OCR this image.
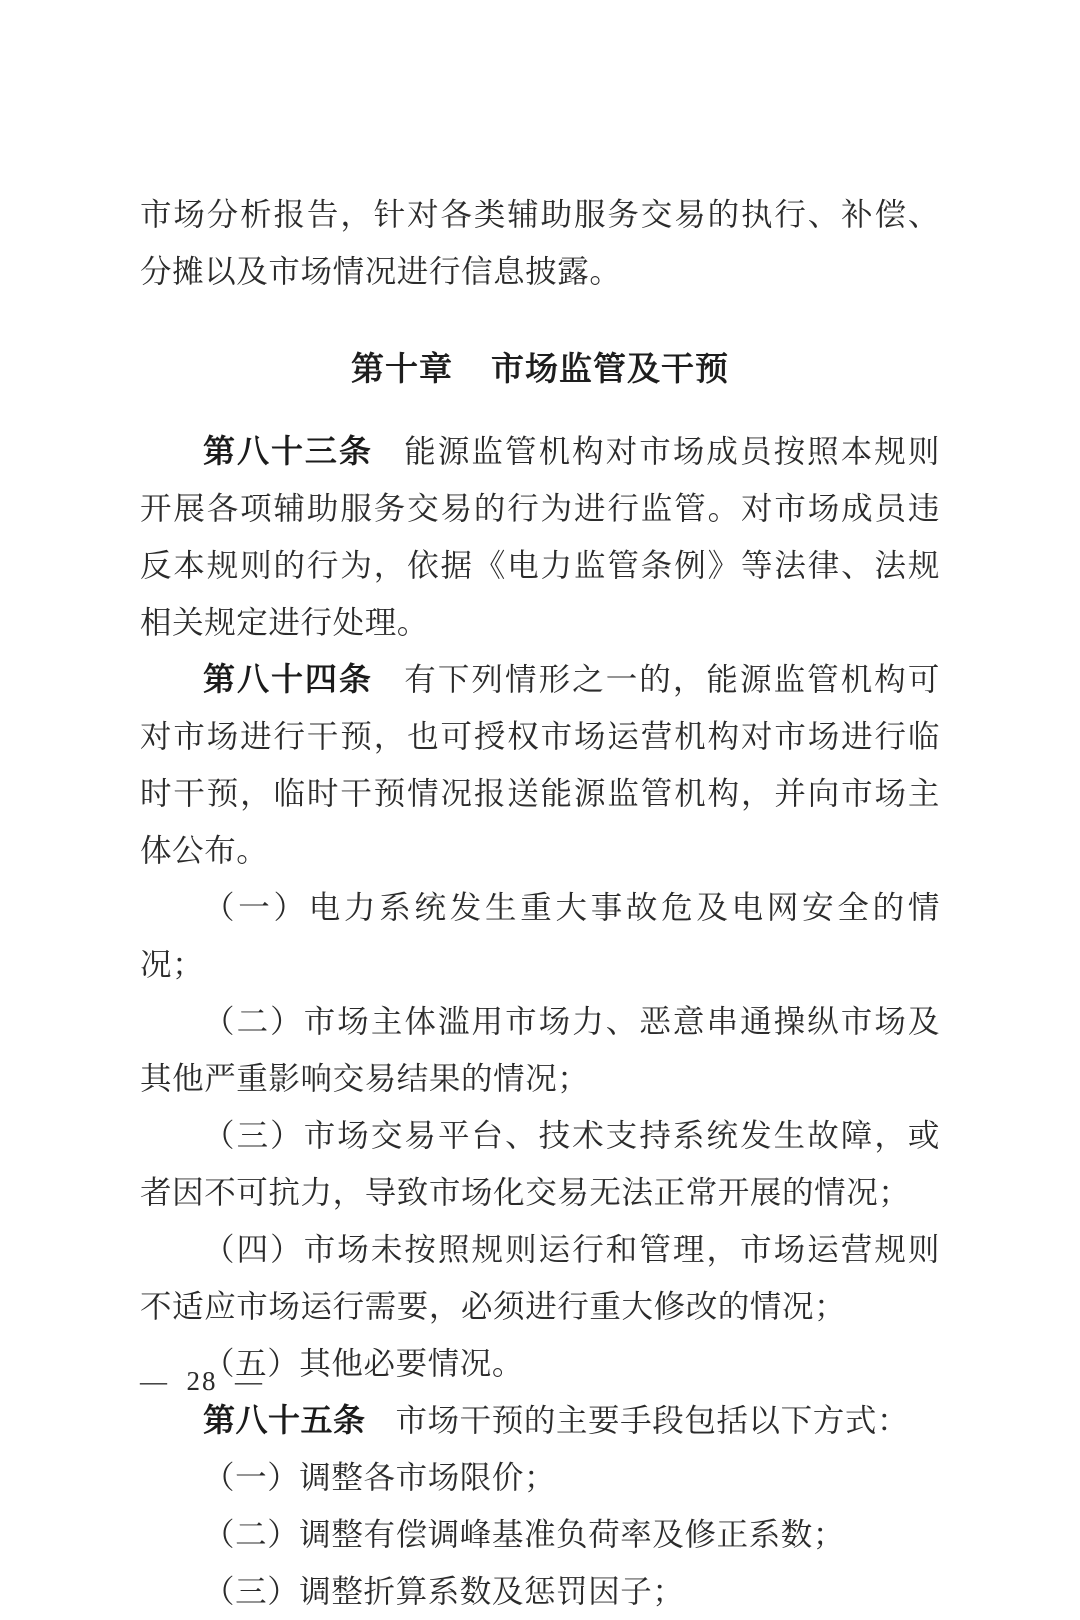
市场分析报告，针对各类辅助服务交易的执行、补偿、分摊以及市场情况进行信息披露。

第十章 市场监管及干预

第八十三条 能源监管机构对市场成员按照本规则开展各项辅助服务交易的行为进行监管。对市场成员违反本规则的行为，依据《电力监管条例》等法律、法规相关规定进行处理。

第八十四条 有下列情形之一的，能源监管机构可对市场进行干预，也可授权市场运营机构对市场进行临时干预，临时干预情况报送能源监管机构，并向市场主体公布。

（一）电力系统发生重大事故危及电网安全的情况；

（二）市场主体滥用市场力、恶意串通操纵市场及其他严重影响交易结果的情况；

（三）市场交易平台、技术支持系统发生故障，或者因不可抗力，导致市场化交易无法正常开展的情况；

（四）市场未按照规则运行和管理，市场运营规则不适应市场运行需要，必须进行重大修改的情况；

（五）其他必要情况。

第八十五条 市场干预的主要手段包括以下方式：

（一）调整各市场限价；

（二）调整有偿调峰基准负荷率及修正系数；

（三）调整折算系数及惩罚因子；

—  28  —
